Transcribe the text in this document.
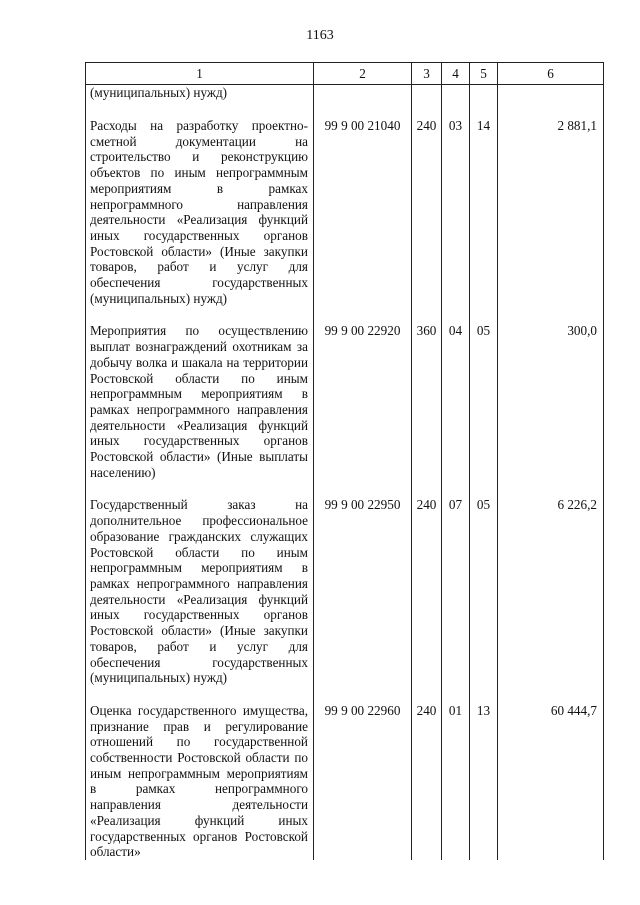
1163
1	2	3	4	5	6
(муниципальных) нужд)					
Расходы на разработку проектно-сметной документации на строительство и реконструкцию объектов по иным непрограммным мероприятиям в рамках непрограммного направления деятельности «Реализация функций иных государственных органов Ростовской области» (Иные закупки товаров, работ и услуг для обеспечения государственных (муниципальных) нужд)	99 9 00 21040	240	03	14	2 881,1
Мероприятия по осуществлению выплат вознаграждений охотникам за добычу волка и шакала на территории Ростовской области по иным непрограммным мероприятиям в рамках непрограммного направления деятельности «Реализация функций иных государственных органов Ростовской области» (Иные выплаты населению)	99 9 00 22920	360	04	05	300,0
Государственный заказ на дополнительное профессиональное образование гражданских служащих Ростовской области по иным непрограммным мероприятиям в рамках непрограммного направления деятельности «Реализация функций иных государственных органов Ростовской области» (Иные закупки товаров, работ и услуг для обеспечения государственных (муниципальных) нужд)	99 9 00 22950	240	07	05	6 226,2
Оценка государственного имущества, признание прав и регулирование отношений по государственной собственности Ростовской области по иным непрограммным мероприятиям в рамках непрограммного направления деятельности «Реализация функций иных государственных органов Ростовской области»	99 9 00 22960	240	01	13	60 444,7
